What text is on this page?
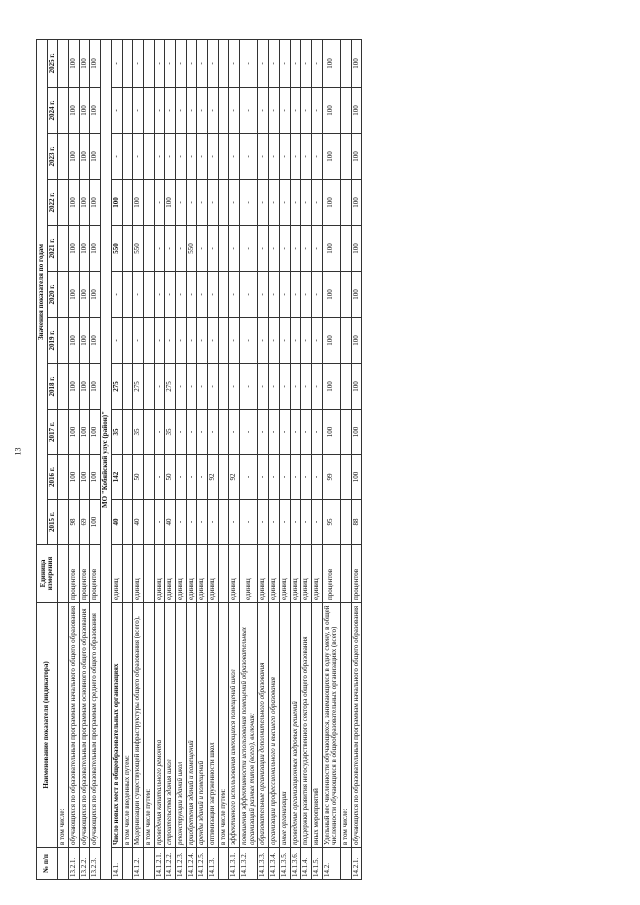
13
№ п/п	Наименование показателя (индикатора)	Единица измерения	Значения показателя по годам										
			2015 г.	2016 г.	2017 г.	2018 г.	2019 г.	2020 г.	2021 г.	2022 г.	2023 г.	2024 г.	2025 г.
	в том числе:												
13.2.1.	обучающихся по образовательным программам начального общего образования	процентов	98	100	100	100	100	100	100	100	100	100	100
13.2.2.	обучающихся по образовательным программам основного общего образования	процентов	69	100	100	100	100	100	100	100	100	100	100
13.2.3.	обучающихся по образовательным программам среднего общего образования	процентов	100	100	100	100	100	100	100	100	100	100	100
МО "Кобяйский улус (район)"													
14.1.	Число новых мест в общеобразовательных организациях	единиц	40	142	35	275	-	-	550	100	-	-	-
	в том числе введенных путем:												
14.1.2.	Модернизации существующей инфраструктуры общего образования (всего),	единиц	40	50	35	275	-	-	550	100	-	-	-
	в том числе путем:												
14.1.2.1.	проведения капитального ремонта	единиц	-	-	-	-	-	-	-	-	-	-	-
14.1.2.2.	строительства здания школ	единиц	40	50	35	275	-	-	-	100	-	-	-
14.1.2.3.	реконструкции зданий школ	единиц	-	-	-	-	-	-	-	-	-	-	-
14.1.2.4.	приобретения зданий и помещений	единиц	-	-	-	-	-	-	550	-	-	-	-
14.1.2.5.	аренды зданий и помещений	единиц	-	-	-	-	-	-	-	-	-	-	-
14.1.3.	оптимизации загруженности школ	единиц	-	92	-	-	-	-	-	-	-	-	-
	в том числе путем:												
14.1.3.1.	эффективного использования имеющихся помещений школ	единиц	-	92	-	-	-	-	-	-	-	-	-
14.1.3.2.	повышения эффективности использования помещений образовательных организаций разных типов (всего), включая:	единиц	-	-	-	-	-	-	-	-	-	-	-
14.1.3.3.	образовательные организации дополнительного образования	единиц	-	-	-	-	-	-	-	-	-	-	-
14.1.3.4.	организации профессионального и высшего образования	единиц	-	-	-	-	-	-	-	-	-	-	-
14.1.3.5.	иные организации	единиц	-	-	-	-	-	-	-	-	-	-	-
14.1.3.6.	проведение организационных кадровых решений	единиц	-	-	-	-	-	-	-	-	-	-	-
14.1.4.	поддержки развития негосударственного сектора общего образования	единиц	-	-	-	-	-	-	-	-	-	-	-
14.1.5.	иных мероприятий	единиц	-	-	-	-	-	-	-	-	-	-	-
14.2.	Удельный вес численности обучающихся, занимающихся в одну смену, в общей численности обучающихся в общеобразовательных организациях (всего)	процентов	95	99	100	100	100	100	100	100	100	100	100
	в том числе:												
14.2.1.	обучающихся по образовательным программам начального общего образования	процентов	88	100	100	100	100	100	100	100	100	100	100
